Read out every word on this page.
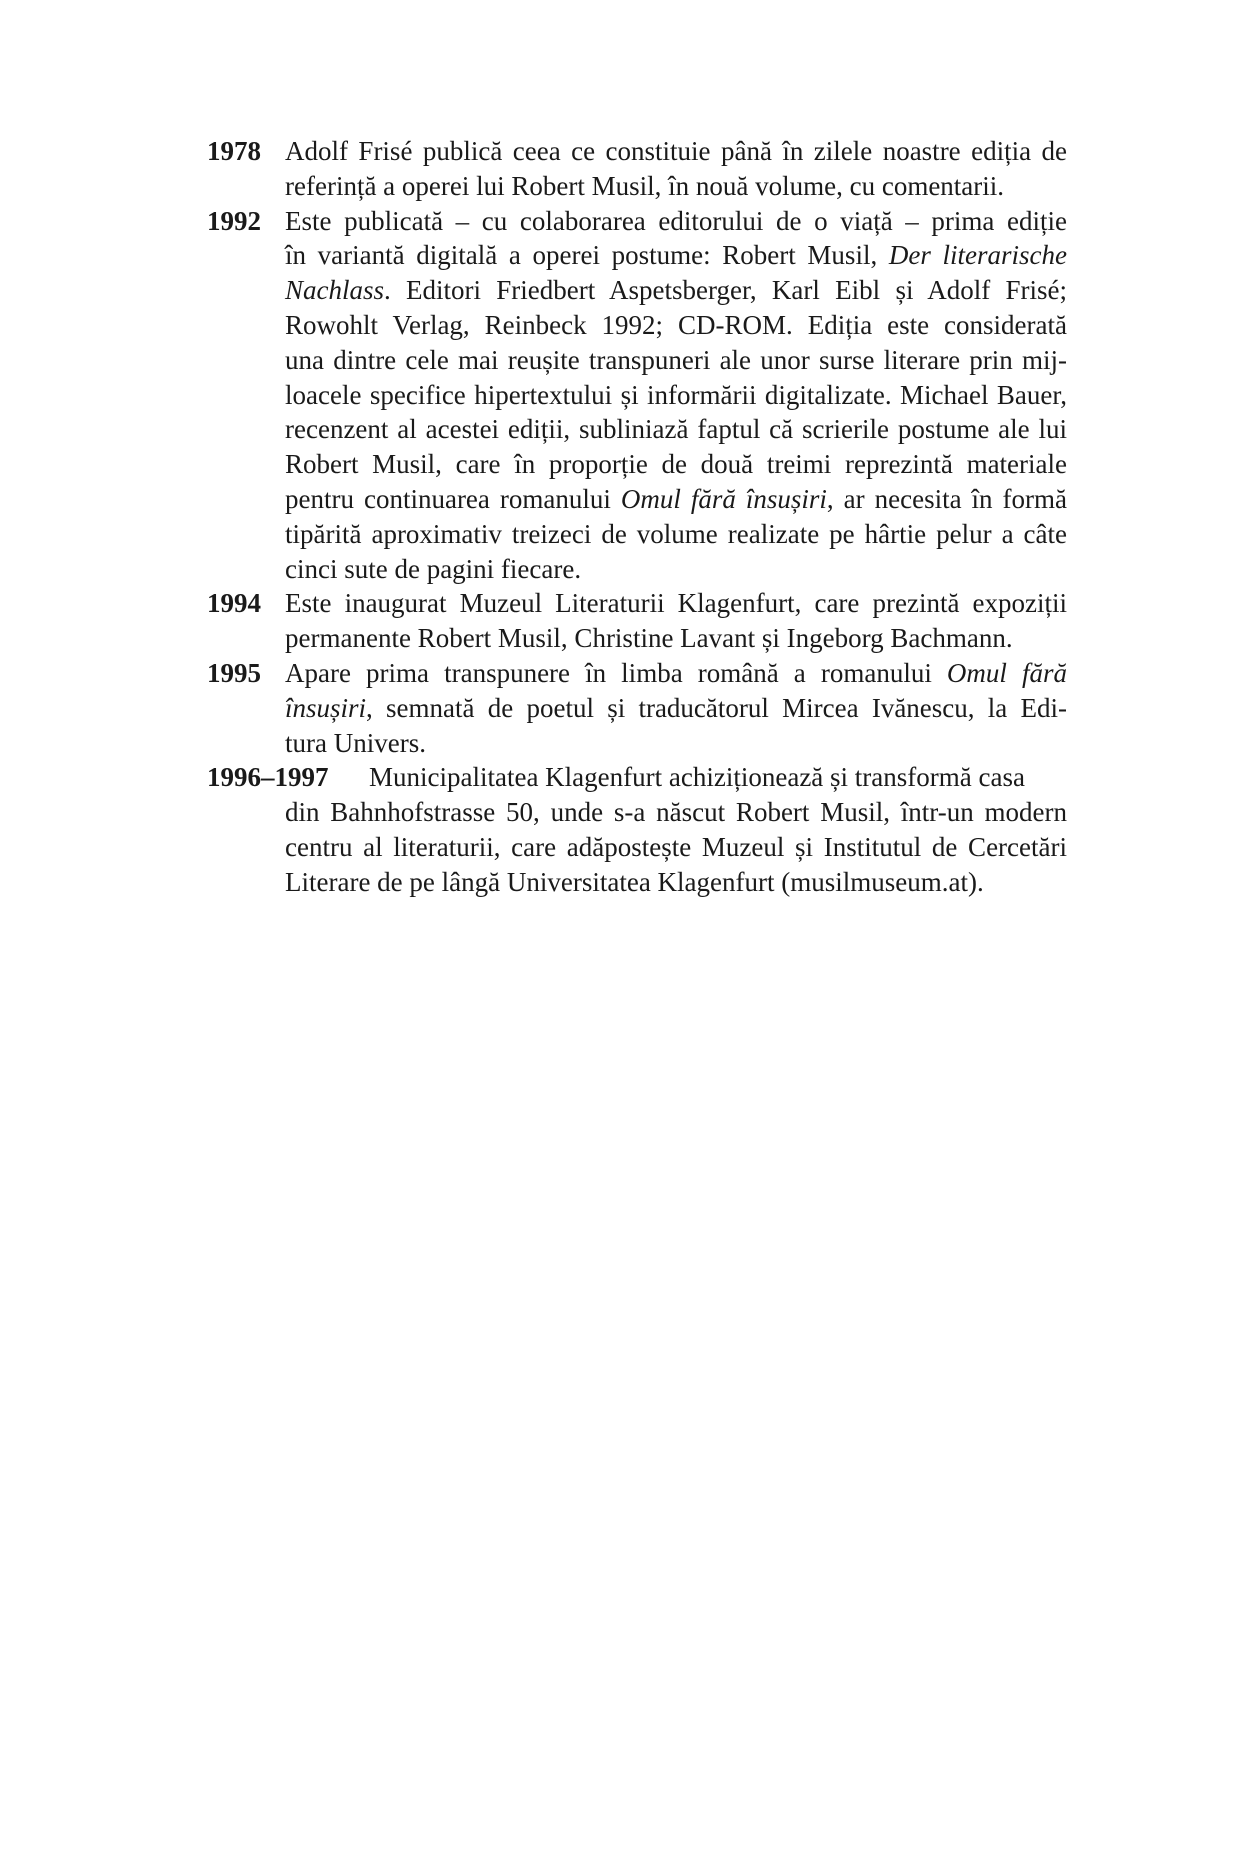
1978 Adolf Frisé publică ceea ce constituie până în zilele noastre ediția de
referință a operei lui Robert Musil, în nouă volume, cu comentarii.
1992 Este publicată – cu colaborarea editorului de o viață – prima ediție
în variantă digitală a operei postume: Robert Musil, Der literarische
Nachlass. Editori Friedbert Aspetsberger, Karl Eibl și Adolf Frisé;
Rowohlt Verlag, Reinbeck 1992; CD-ROM. Ediția este considerată
una dintre cele mai reușite transpuneri ale unor surse literare prin mij-
loacele specifice hipertextului și informării digitalizate. Michael Bauer,
recenzent al acestei ediții, subliniază faptul că scrierile postume ale lui
Robert Musil, care în proporție de două treimi reprezintă materiale
pentru continuarea romanului Omul fără însușiri, ar necesita în formă
tipărită aproximativ treizeci de volume realizate pe hârtie pelur a câte
cinci sute de pagini fiecare.
1994 Este inaugurat Muzeul Literaturii Klagenfurt, care prezintă expoziții
permanente Robert Musil, Christine Lavant și Ingeborg Bachmann.
1995 Apare prima transpunere în limba română a romanului Omul fără
însușiri, semnată de poetul și traducătorul Mircea Ivănescu, la Edi-
tura Univers.
1996–1997	Municipalitatea Klagenfurt achiziționează și transformă casa
din Bahnhofstrasse 50, unde s-a născut Robert Musil, într-un modern
centru al literaturii, care adăpostește Muzeul și Institutul de Cercetări
Literare de pe lângă Universitatea Klagenfurt (musilmuseum.at).
